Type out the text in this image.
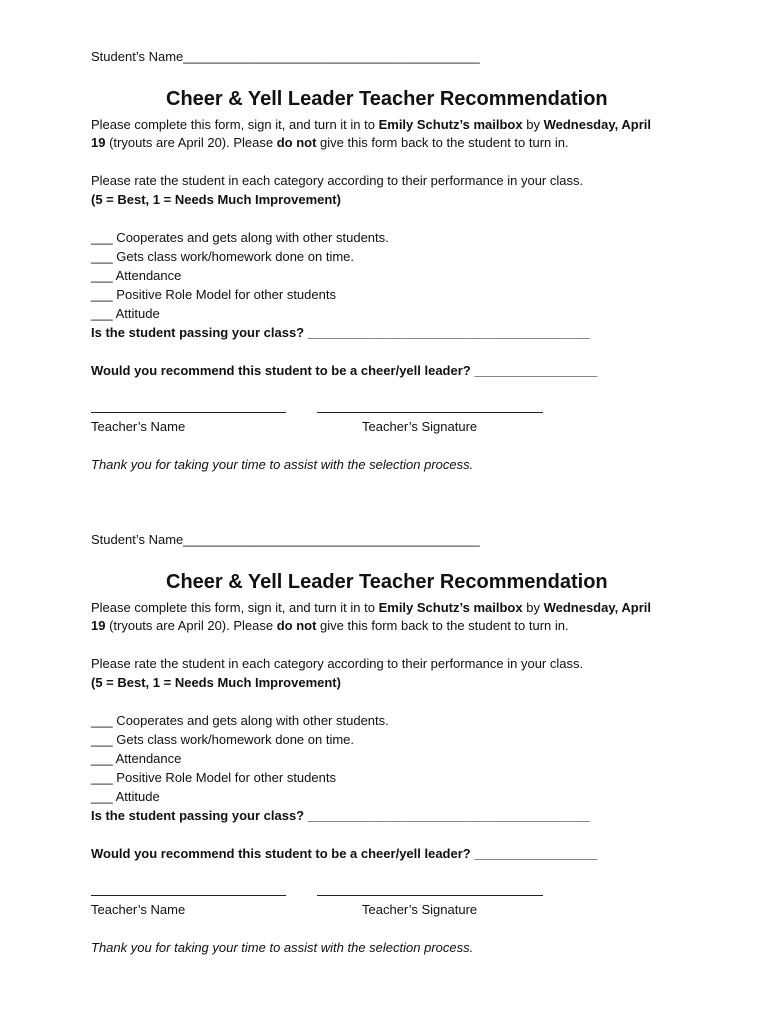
Student’s Name_________________________________________
Cheer & Yell Leader Teacher Recommendation
Please complete this form, sign it, and turn it in to Emily Schutz’s mailbox by Wednesday, April
19 (tryouts are April 20). Please do not give this form back to the student to turn in.
Please rate the student in each category according to their performance in your class.
(5 = Best, 1 = Needs Much Improvement)
___ Cooperates and gets along with other students.
___ Gets class work/homework done on time.
___ Attendance
___ Positive Role Model for other students
___ Attitude
Is the student passing your class? _______________________________________
Would you recommend this student to be a cheer/yell leader? _________________
Teacher’s Name	Teacher’s Signature
Thank you for taking your time to assist with the selection process.
Student’s Name_________________________________________
Cheer & Yell Leader Teacher Recommendation
Please complete this form, sign it, and turn it in to Emily Schutz’s mailbox by Wednesday, April
19 (tryouts are April 20). Please do not give this form back to the student to turn in.
Please rate the student in each category according to their performance in your class.
(5 = Best, 1 = Needs Much Improvement)
___ Cooperates and gets along with other students.
___ Gets class work/homework done on time.
___ Attendance
___ Positive Role Model for other students
___ Attitude
Is the student passing your class? _______________________________________
Would you recommend this student to be a cheer/yell leader? _________________
Teacher’s Name	Teacher’s Signature
Thank you for taking your time to assist with the selection process.
